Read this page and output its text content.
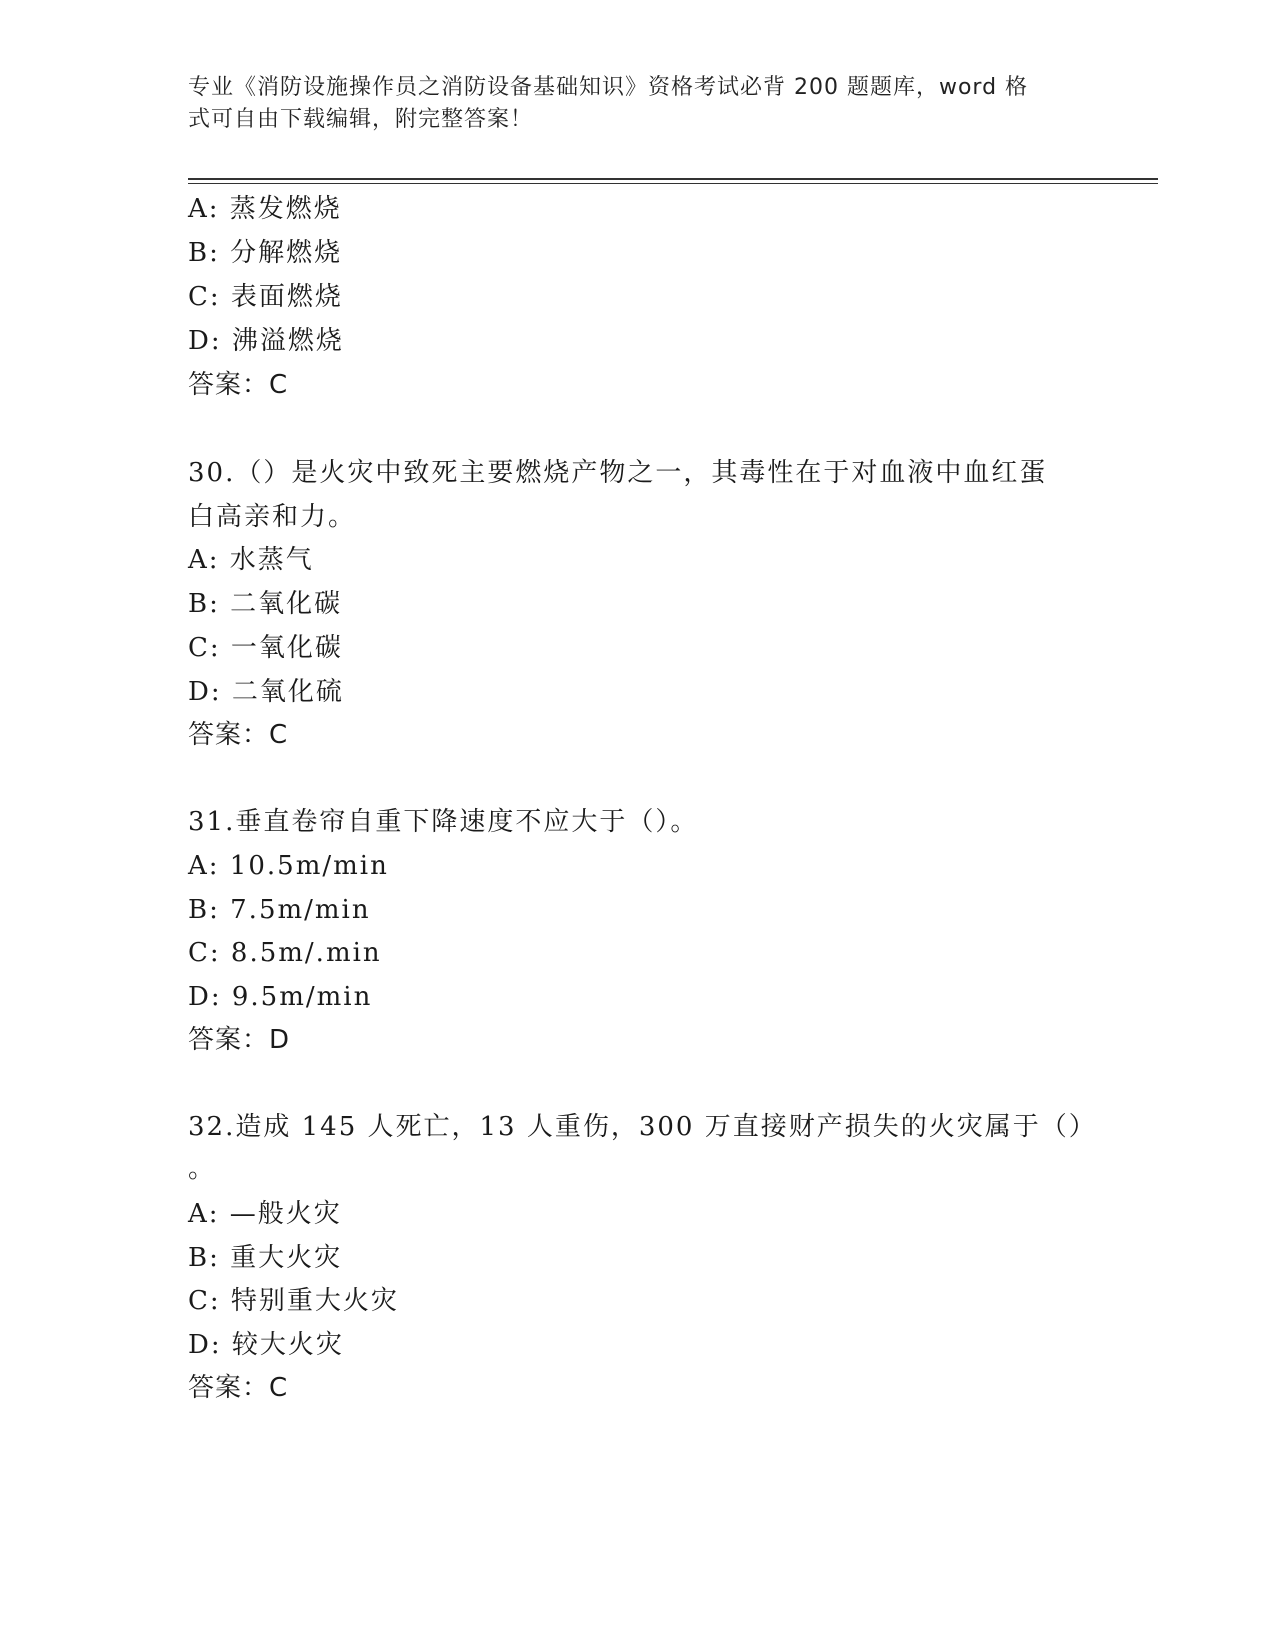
专业《消防设施操作员之消防设备基础知识》资格考试必背 200 题题库，word 格
式可自由下载编辑，附完整答案！
A: 蒸发燃烧
B: 分解燃烧
C: 表面燃烧
D: 沸溢燃烧
答案：C
30.（）是火灾中致死主要燃烧产物之一，其毒性在于对血液中血红蛋
白高亲和力。
A: 水蒸气
B: 二氧化碳
C: 一氧化碳
D: 二氧化硫
答案：C
31.垂直卷帘自重下降速度不应大于（）。
A: 10.5m/min
B: 7.5m/min
C: 8.5m/.min
D: 9.5m/min
答案：D
32.造成 145 人死亡，13 人重伤，300 万直接财产损失的火灾属于（）
。
A: —般火灾
B: 重大火灾
C: 特别重大火灾
D: 较大火灾
答案：C
